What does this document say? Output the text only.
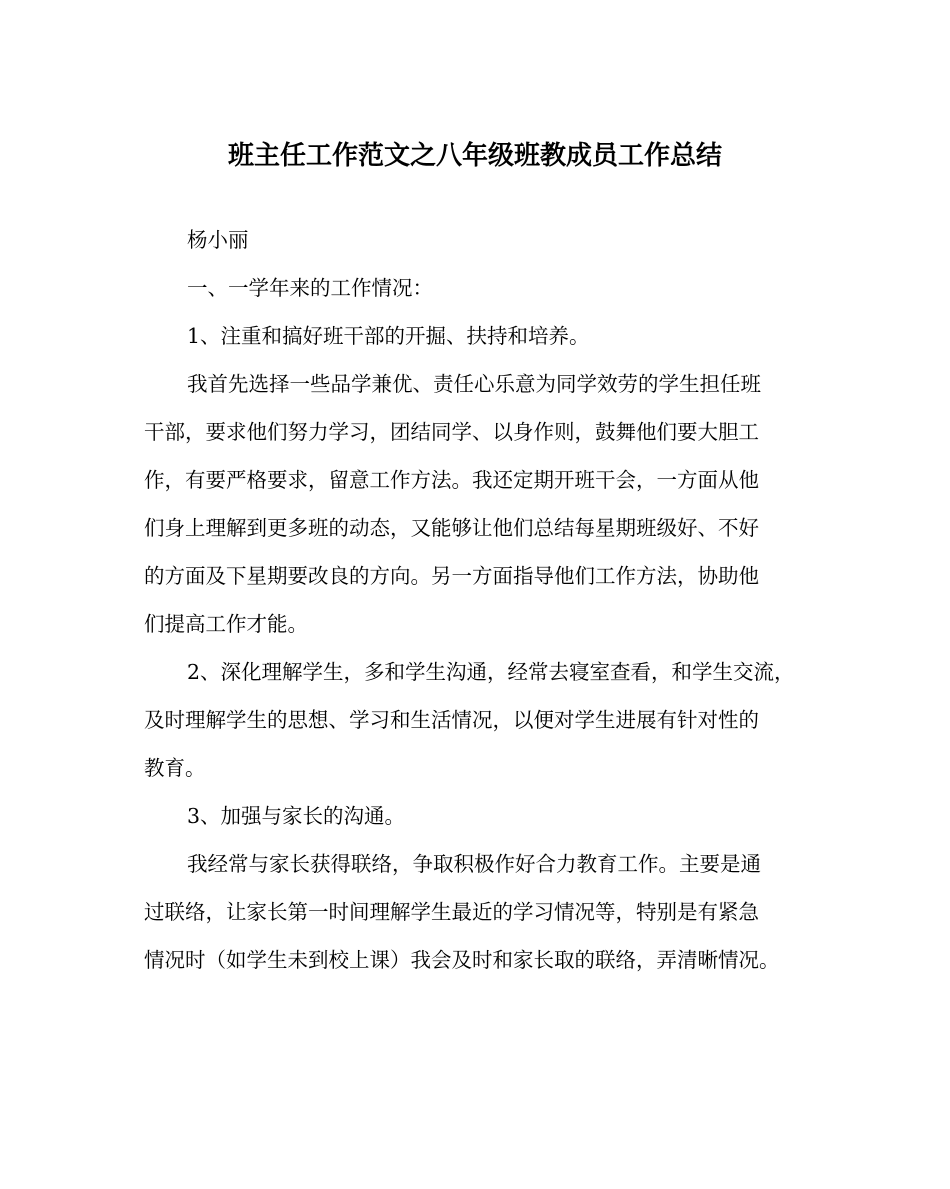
班主任工作范文之八年级班教成员工作总结
杨小丽
一、一学年来的工作情况：
1、注重和搞好班干部的开掘、扶持和培养。
我首先选择一些品学兼优、责任心乐意为同学效劳的学生担任班
干部，要求他们努力学习，团结同学、以身作则，鼓舞他们要大胆工
作，有要严格要求，留意工作方法。我还定期开班干会，一方面从他
们身上理解到更多班的动态，又能够让他们总结每星期班级好、不好
的方面及下星期要改良的方向。另一方面指导他们工作方法，协助他
们提高工作才能。
2、深化理解学生，多和学生沟通，经常去寝室查看，和学生交流，
及时理解学生的思想、学习和生活情况，以便对学生进展有针对性的
教育。
3、加强与家长的沟通。
我经常与家长获得联络，争取积极作好合力教育工作。主要是通
过联络，让家长第一时间理解学生最近的学习情况等，特别是有紧急
情况时（如学生未到校上课）我会及时和家长取的联络，弄清晰情况。
